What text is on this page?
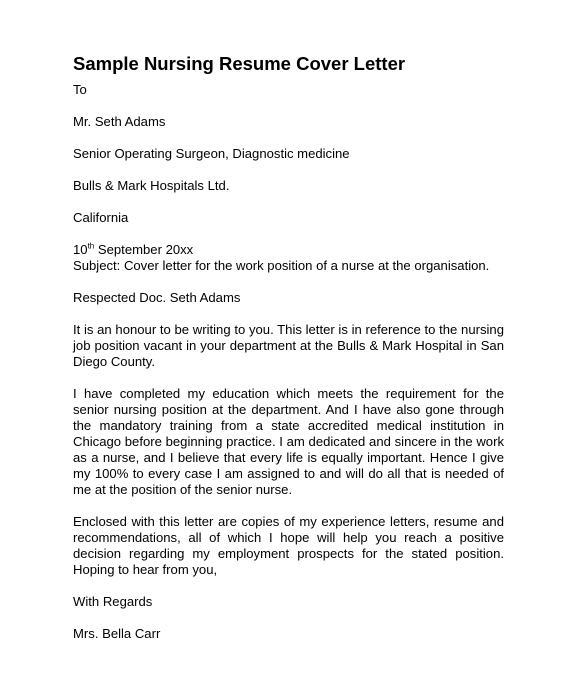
Sample Nursing Resume Cover Letter
To
Mr. Seth Adams
Senior Operating Surgeon, Diagnostic medicine
Bulls & Mark Hospitals Ltd.
California
10th September 20xx
Subject: Cover letter for the work position of a nurse at the organisation.
Respected Doc. Seth Adams

It is an honour to be writing to you. This letter is in reference to the nursing job position vacant in your department at the Bulls & Mark Hospital in San Diego County.

I have completed my education which meets the requirement for the senior nursing position at the department. And I have also gone through the mandatory training from a state accredited medical institution in Chicago before beginning practice. I am dedicated and sincere in the work as a nurse, and I believe that every life is equally important. Hence I give my 100% to every case I am assigned to and will do all that is needed of me at the position of the senior nurse.

Enclosed with this letter are copies of my experience letters, resume and recommendations, all of which I hope will help you reach a positive decision regarding my employment prospects for the stated position. Hoping to hear from you,

With Regards
Mrs. Bella Carr
